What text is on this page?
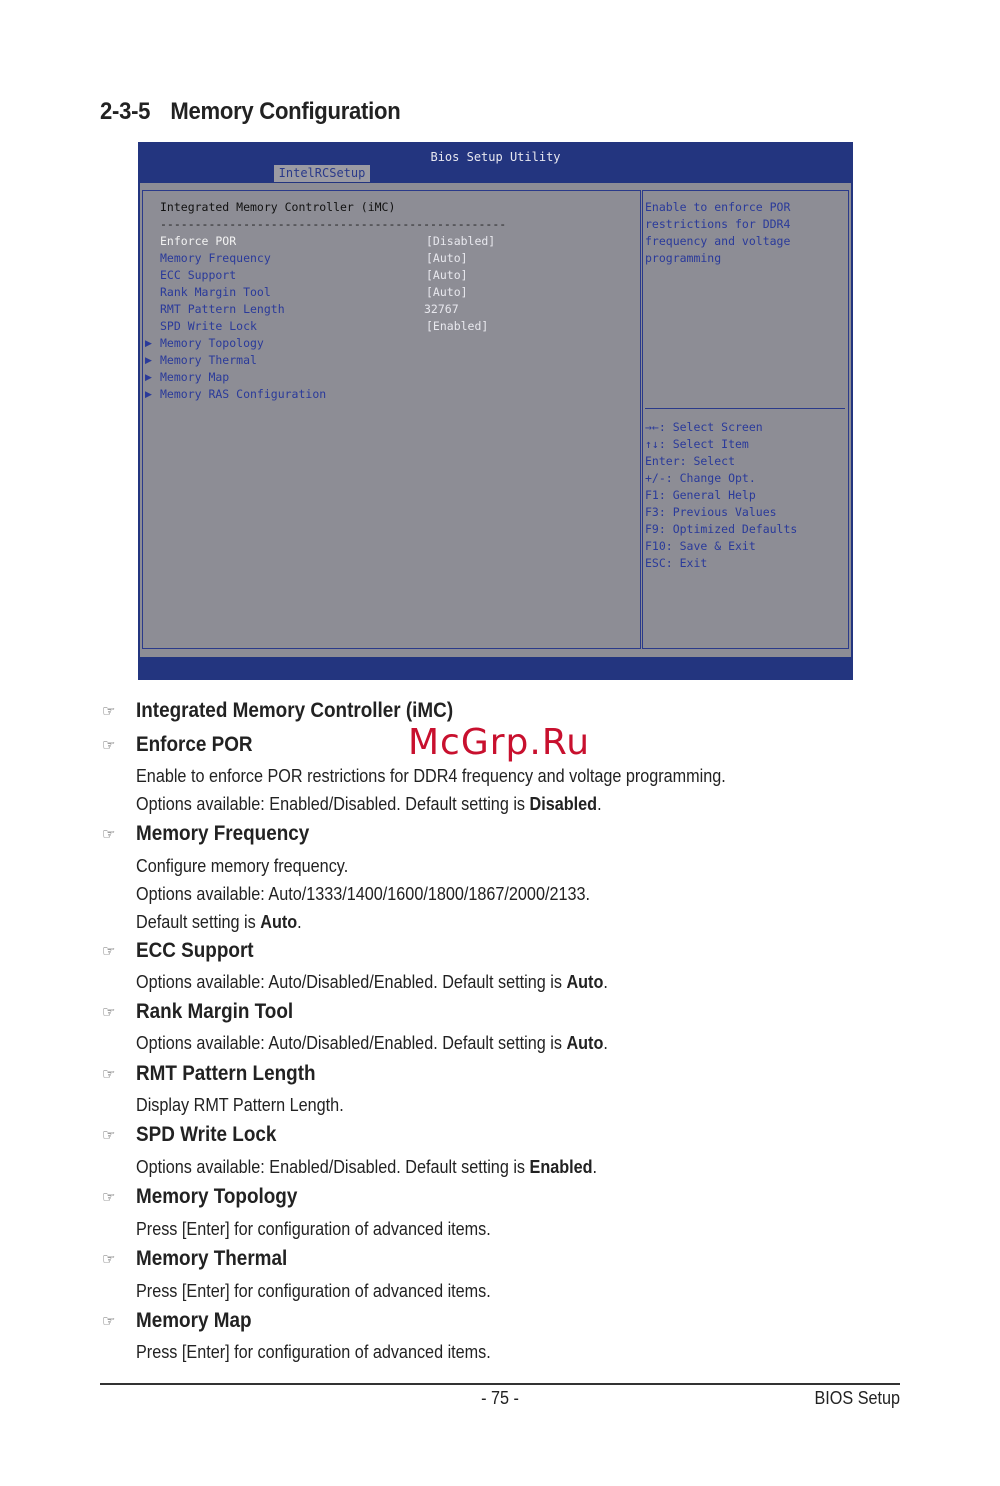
2-3-5 Memory Configuration
Bios Setup Utility
IntelRCSetup
Integrated Memory Controller (iMC)
--------------------------------------------------
Enforce POR	[Disabled]
Memory Frequency	[Auto]
ECC Support	[Auto]
Rank Margin Tool	[Auto]
RMT Pattern Length	32767
SPD Write Lock	[Enabled]
▶ Memory Topology
▶ Memory Thermal
▶ Memory Map
▶ Memory RAS Configuration
Enable to enforce POR
restrictions for DDR4
frequency and voltage
programming
→←: Select Screen
↑↓: Select Item
Enter: Select
+/-: Change Opt.
F1: General Help
F3: Previous Values
F9: Optimized Defaults
F10: Save & Exit
ESC: Exit
☞ Integrated Memory Controller (iMC)
☞ Enforce POR
Enable to enforce POR restrictions for DDR4 frequency and voltage programming.
Options available: Enabled/Disabled. Default setting is Disabled.
☞ Memory Frequency
Configure memory frequency.
Options available: Auto/1333/1400/1600/1800/1867/2000/2133.
Default setting is Auto.
☞ ECC Support
Options available: Auto/Disabled/Enabled. Default setting is Auto.
☞ Rank Margin Tool
Options available: Auto/Disabled/Enabled. Default setting is Auto.
☞ RMT Pattern Length
Display RMT Pattern Length.
☞ SPD Write Lock
Options available: Enabled/Disabled. Default setting is Enabled.
☞ Memory Topology
Press [Enter] for configuration of advanced items.
☞ Memory Thermal
Press [Enter] for configuration of advanced items.
☞ Memory Map
Press [Enter] for configuration of advanced items.
McGrp.Ru
- 75 -	BIOS Setup
